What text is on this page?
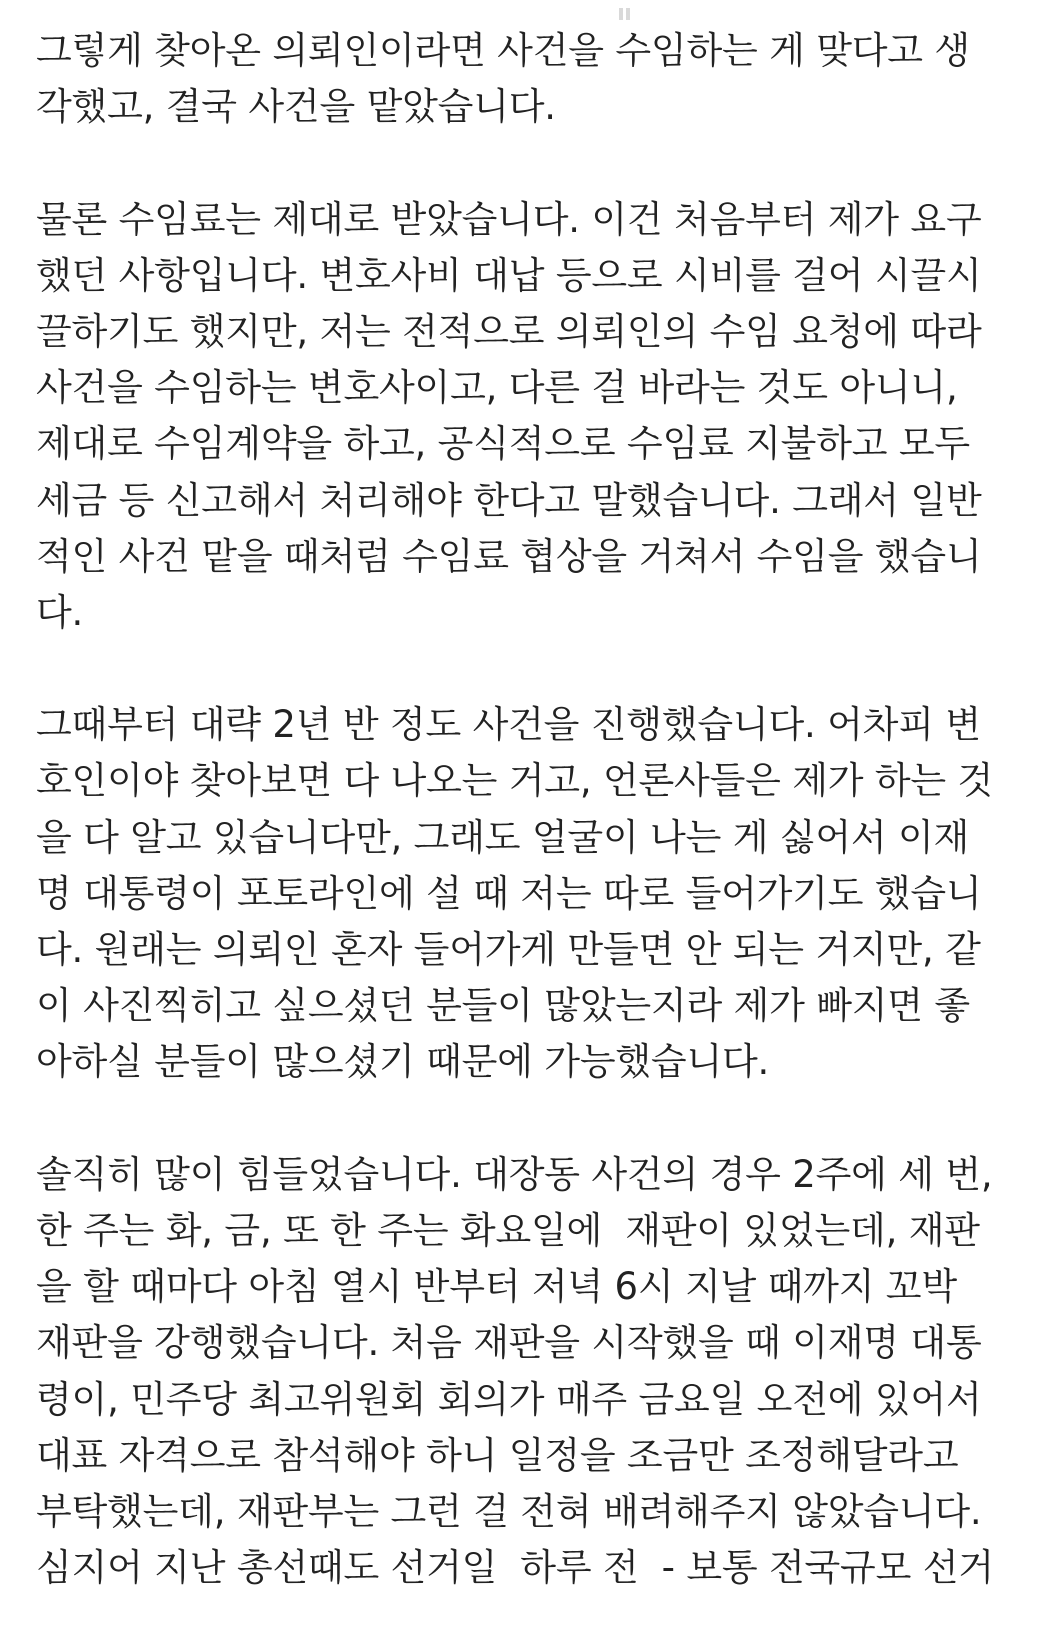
그렇게 찾아온 의뢰인이라면 사건을 수임하는 게 맞다고 생
각했고, 결국 사건을 맡았습니다.
물론 수임료는 제대로 받았습니다. 이건 처음부터 제가 요구
했던 사항입니다. 변호사비 대납 등으로 시비를 걸어 시끌시
끌하기도 했지만, 저는 전적으로 의뢰인의 수임 요청에 따라
사건을 수임하는 변호사이고, 다른 걸 바라는 것도 아니니,
제대로 수임계약을 하고, 공식적으로 수임료 지불하고 모두
세금 등 신고해서 처리해야 한다고 말했습니다. 그래서 일반
적인 사건 맡을 때처럼 수임료 협상을 거쳐서 수임을 했습니
다.
그때부터 대략 2년 반 정도 사건을 진행했습니다. 어차피 변
호인이야 찾아보면 다 나오는 거고, 언론사들은 제가 하는 것
을 다 알고 있습니다만, 그래도 얼굴이 나는 게 싫어서 이재
명 대통령이 포토라인에 설 때 저는 따로 들어가기도 했습니
다. 원래는 의뢰인 혼자 들어가게 만들면 안 되는 거지만, 같
이 사진찍히고 싶으셨던 분들이 많았는지라 제가 빠지면 좋
아하실 분들이 많으셨기 때문에 가능했습니다.
솔직히 많이 힘들었습니다. 대장동 사건의 경우 2주에 세 번,
한 주는 화, 금, 또 한 주는 화요일에  재판이 있었는데, 재판
을 할 때마다 아침 열시 반부터 저녁 6시 지날 때까지 꼬박
재판을 강행했습니다. 처음 재판을 시작했을 때 이재명 대통
령이, 민주당 최고위원회 회의가 매주 금요일 오전에 있어서
대표 자격으로 참석해야 하니 일정을 조금만 조정해달라고
부탁했는데, 재판부는 그런 걸 전혀 배려해주지 않았습니다.
심지어 지난 총선때도 선거일  하루 전  - 보통 전국규모 선거
